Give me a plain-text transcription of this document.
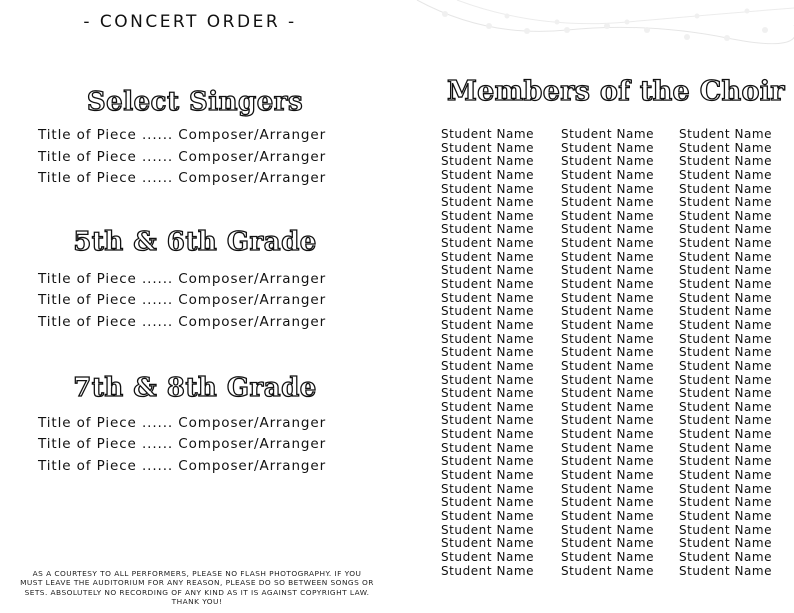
- CONCERT ORDER -
Select Singers
Title of Piece ...... Composer/Arranger
Title of Piece ...... Composer/Arranger
Title of Piece ...... Composer/Arranger
5th & 6th Grade
Title of Piece ...... Composer/Arranger
Title of Piece ...... Composer/Arranger
Title of Piece ...... Composer/Arranger
7th & 8th Grade
Title of Piece ...... Composer/Arranger
Title of Piece ...... Composer/Arranger
Title of Piece ...... Composer/Arranger
AS A COURTESY TO ALL PERFORMERS, PLEASE NO FLASH PHOTOGRAPHY. IF YOU
MUST LEAVE THE AUDITORIUM FOR ANY REASON, PLEASE DO SO BETWEEN SONGS OR
SETS. ABSOLUTELY NO RECORDING OF ANY KIND AS IT IS AGAINST COPYRIGHT LAW.
THANK YOU!
Members of the Choir
Student Name
Student Name
Student Name
Student Name
Student Name
Student Name
Student Name
Student Name
Student Name
Student Name
Student Name
Student Name
Student Name
Student Name
Student Name
Student Name
Student Name
Student Name
Student Name
Student Name
Student Name
Student Name
Student Name
Student Name
Student Name
Student Name
Student Name
Student Name
Student Name
Student Name
Student Name
Student Name
Student Name
Student Name
Student Name
Student Name
Student Name
Student Name
Student Name
Student Name
Student Name
Student Name
Student Name
Student Name
Student Name
Student Name
Student Name
Student Name
Student Name
Student Name
Student Name
Student Name
Student Name
Student Name
Student Name
Student Name
Student Name
Student Name
Student Name
Student Name
Student Name
Student Name
Student Name
Student Name
Student Name
Student Name
Student Name
Student Name
Student Name
Student Name
Student Name
Student Name
Student Name
Student Name
Student Name
Student Name
Student Name
Student Name
Student Name
Student Name
Student Name
Student Name
Student Name
Student Name
Student Name
Student Name
Student Name
Student Name
Student Name
Student Name
Student Name
Student Name
Student Name
Student Name
Student Name
Student Name
Student Name
Student Name
Student Name
